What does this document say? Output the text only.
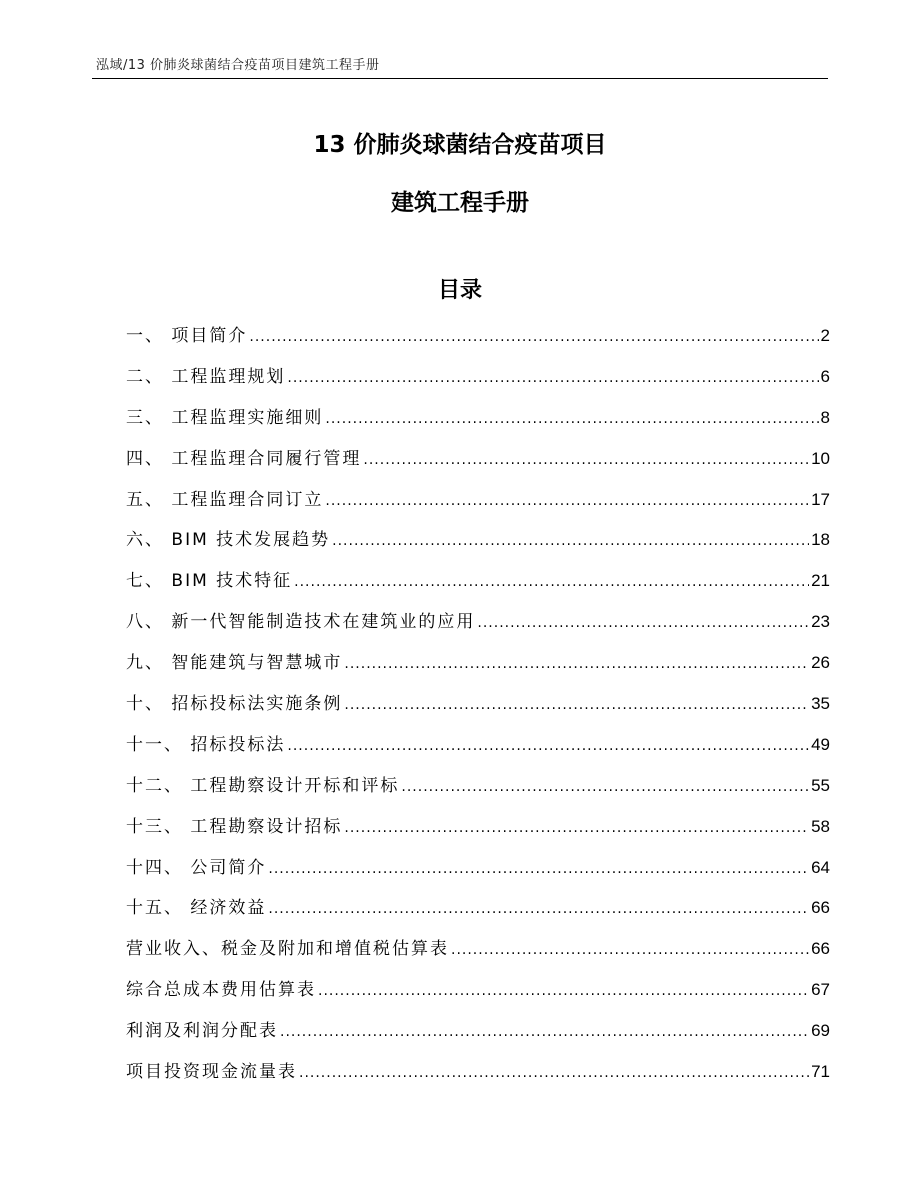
泓域/13 价肺炎球菌结合疫苗项目建筑工程手册
13 价肺炎球菌结合疫苗项目
建筑工程手册
目录
一、 项目简介 .....	2
二、 工程监理规划 .....	6
三、 工程监理实施细则 .....	8
四、 工程监理合同履行管理 .....	10
五、 工程监理合同订立 .....	17
六、 BIM 技术发展趋势 .....	18
七、 BIM 技术特征 .....	21
八、 新一代智能制造技术在建筑业的应用 .....	23
九、 智能建筑与智慧城市 .....	26
十、 招标投标法实施条例 .....	35
十一、 招标投标法 .....	49
十二、 工程勘察设计开标和评标 .....	55
十三、 工程勘察设计招标 .....	58
十四、 公司简介 .....	64
十五、 经济效益 .....	66
营业收入、税金及附加和增值税估算表 .....	66
综合总成本费用估算表 .....	67
利润及利润分配表 .....	69
项目投资现金流量表 .....	71
